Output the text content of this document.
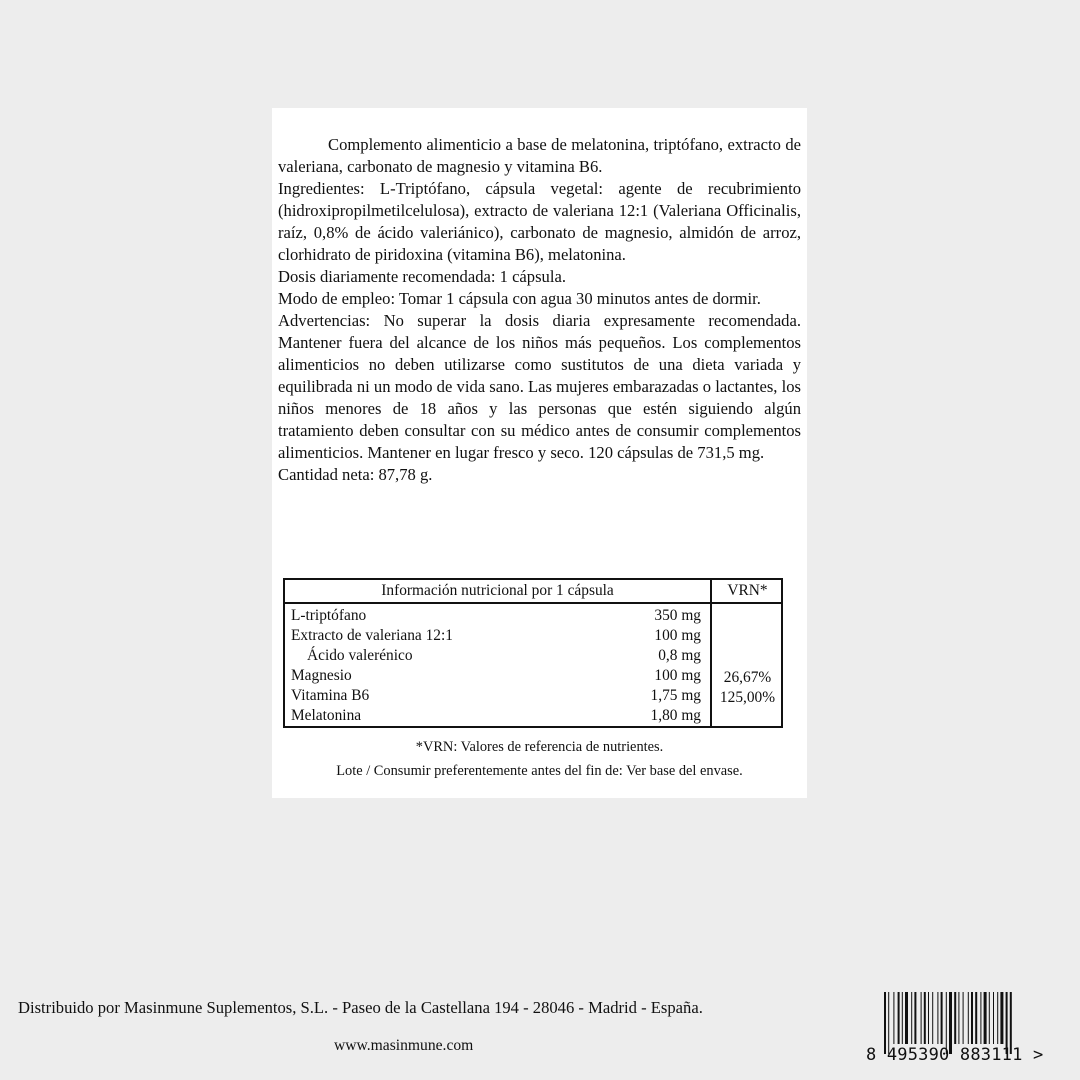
Complemento alimenticio a base de melatonina, triptófano, extracto de valeriana, carbonato de magnesio y vitamina B6.

Ingredientes: L-Triptófano, cápsula vegetal: agente de recubrimiento (hidroxipropilmetilcelulosa), extracto de valeriana 12:1 (Valeriana Officinalis, raíz, 0,8% de ácido valeriánico), carbonato de magnesio, almidón de arroz, clorhidrato de piridoxina (vitamina B6), melatonina.

Dosis diariamente recomendada: 1 cápsula.

Modo de empleo: Tomar 1 cápsula con agua 30 minutos antes de dormir.

Advertencias: No superar la dosis diaria expresamente recomendada. Mantener fuera del alcance de los niños más pequeños. Los complementos alimenticios no deben utilizarse como sustitutos de una dieta variada y equilibrada ni un modo de vida sano. Las mujeres embarazadas o lactantes, los niños menores de 18 años y las personas que estén siguiendo algún tratamiento deben consultar con su médico antes de consumir complementos alimenticios. Mantener en lugar fresco y seco. 120 cápsulas de 731,5 mg.

Cantidad neta: 87,78 g.

Información nutricional por 1 cápsula	VRN*
L-triptófano	350 mg
Extracto de valeriana 12:1	100 mg
Ácido valerénico	0,8 mg
Magnesio	100 mg	26,67%
Vitamina B6	1,75 mg	125,00%
Melatonina	1,80 mg
*VRN: Valores de referencia de nutrientes.
Lote / Consumir preferentemente antes del fin de: Ver base del envase.
Distribuido por Masinmune Suplementos, S.L. - Paseo de la Castellana 194 - 28046 - Madrid - España.
www.masinmune.com	8 495390 883111 >
